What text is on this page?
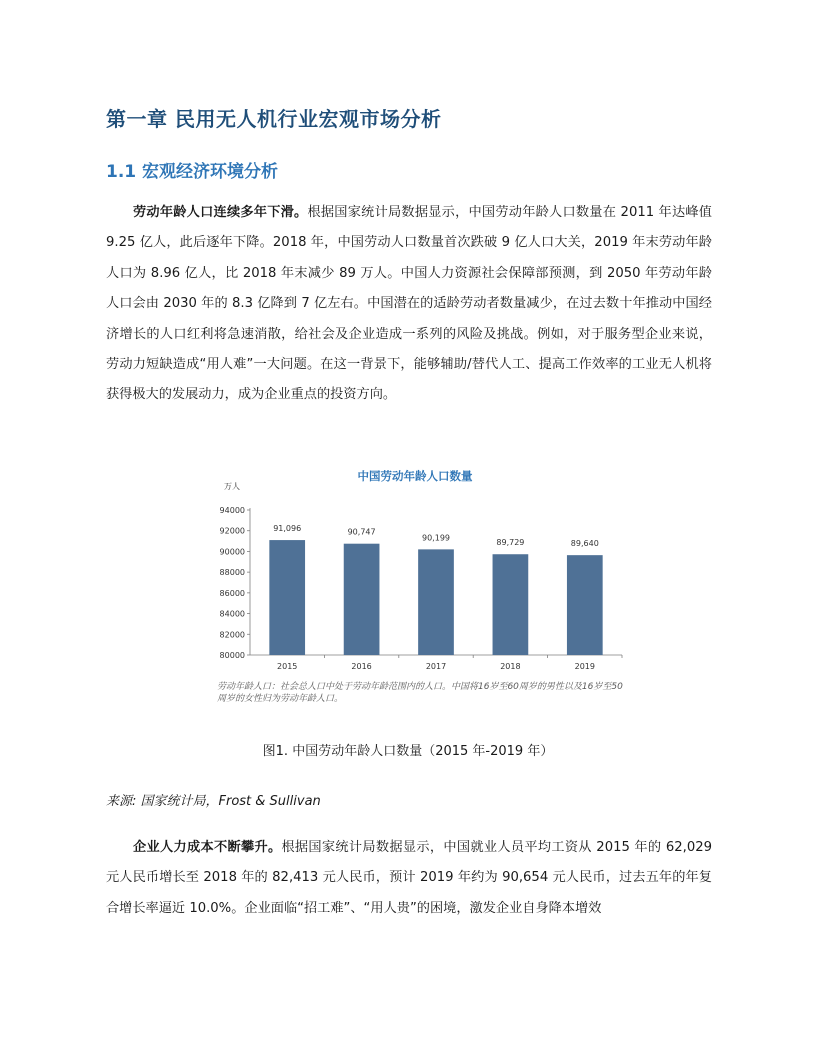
第一章 民用无人机行业宏观市场分析
1.1 宏观经济环境分析
劳动年龄人口连续多年下滑。根据国家统计局数据显示，中国劳动年龄人口数量在 2011 年达峰值 9.25 亿人，此后逐年下降。2018 年，中国劳动人口数量首次跌破 9 亿人口大关，2019 年末劳动年龄人口为 8.96 亿人，比 2018 年末减少 89 万人。中国人力资源社会保障部预测，到 2050 年劳动年龄人口会由 2030 年的 8.3 亿降到 7 亿左右。中国潜在的适龄劳动者数量减少，在过去数十年推动中国经济增长的人口红利将急速消散，给社会及企业造成一系列的风险及挑战。例如，对于服务型企业来说，劳动力短缺造成“用人难”一大问题。在这一背景下，能够辅助/替代人工、提高工作效率的工业无人机将获得极大的发展动力，成为企业重点的投资方向。
中国劳动年龄人口数量
万人
80000
82000
84000
86000
88000
90000
92000
94000
91,096
2015
90,747
2016
90,199
2017
89,729
2018
89,640
2019
劳动年龄人口：社会总人口中处于劳动年龄范围内的人口。中国将16岁至60周岁的男性以及16岁至50周岁的女性归为劳动年龄人口。
图1. 中国劳动年龄人口数量（2015 年-2019 年）
来源: 国家统计局，Frost & Sullivan
企业人力成本不断攀升。根据国家统计局数据显示，中国就业人员平均工资从 2015 年的 62,029 元人民币增长至 2018 年的 82,413 元人民币，预计 2019 年约为 90,654 元人民币，过去五年的年复合增长率逼近 10.0%。企业面临“招工难”、“用人贵”的困境，激发企业自身降本增效
